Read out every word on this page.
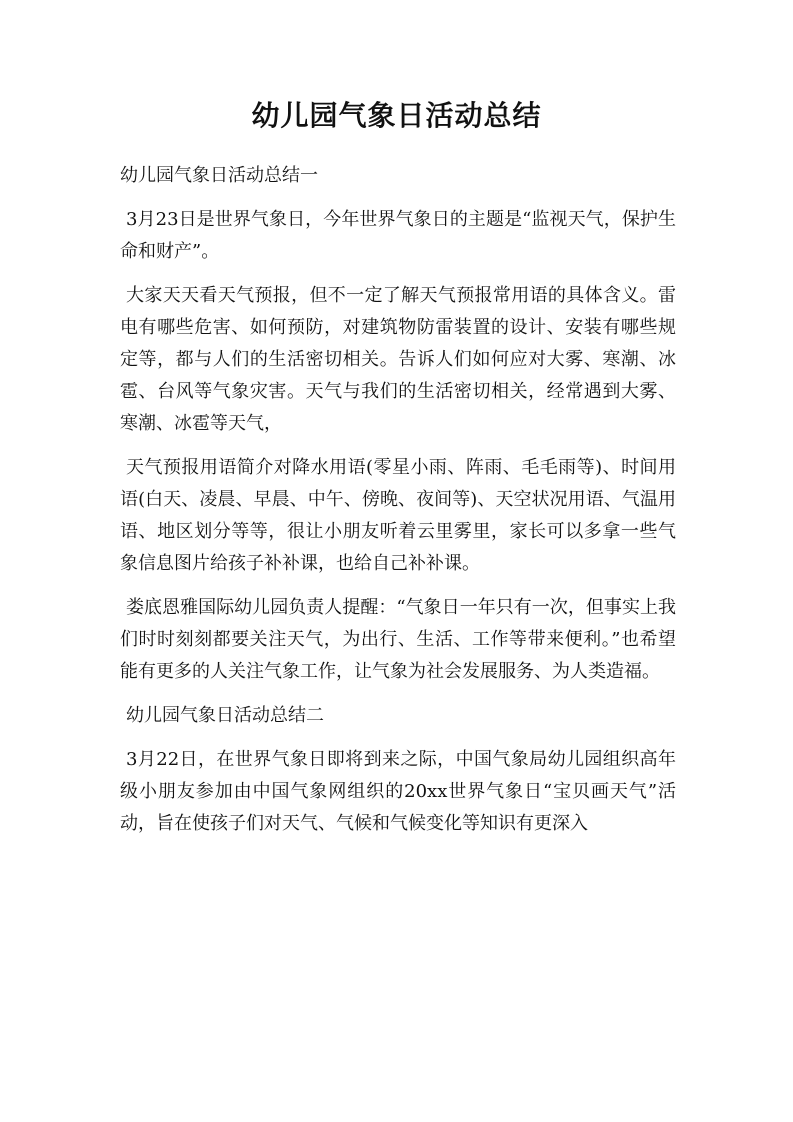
幼儿园气象日活动总结

幼儿园气象日活动总结一

3月23日是世界气象日，今年世界气象日的主题是“监视天气，保护生命和财产”。

大家天天看天气预报，但不一定了解天气预报常用语的具体含义。雷电有哪些危害、如何预防，对建筑物防雷装置的设计、安装有哪些规定等，都与人们的生活密切相关。告诉人们如何应对大雾、寒潮、冰雹、台风等气象灾害。天气与我们的生活密切相关，经常遇到大雾、寒潮、冰雹等天气，

天气预报用语简介对降水用语(零星小雨、阵雨、毛毛雨等)、时间用语(白天、凌晨、早晨、中午、傍晚、夜间等)、天空状况用语、气温用语、地区划分等等，很让小朋友听着云里雾里，家长可以多拿一些气象信息图片给孩子补补课，也给自己补补课。

娄底恩雅国际幼儿园负责人提醒：“气象日一年只有一次，但事实上我们时时刻刻都要关注天气，为出行、生活、工作等带来便利。”也希望能有更多的人关注气象工作，让气象为社会发展服务、为人类造福。

幼儿园气象日活动总结二

3月22日，在世界气象日即将到来之际，中国气象局幼儿园组织高年级小朋友参加由中国气象网组织的20xx世界气象日“宝贝画天气”活动，旨在使孩子们对天气、气候和气候变化等知识有更深入
